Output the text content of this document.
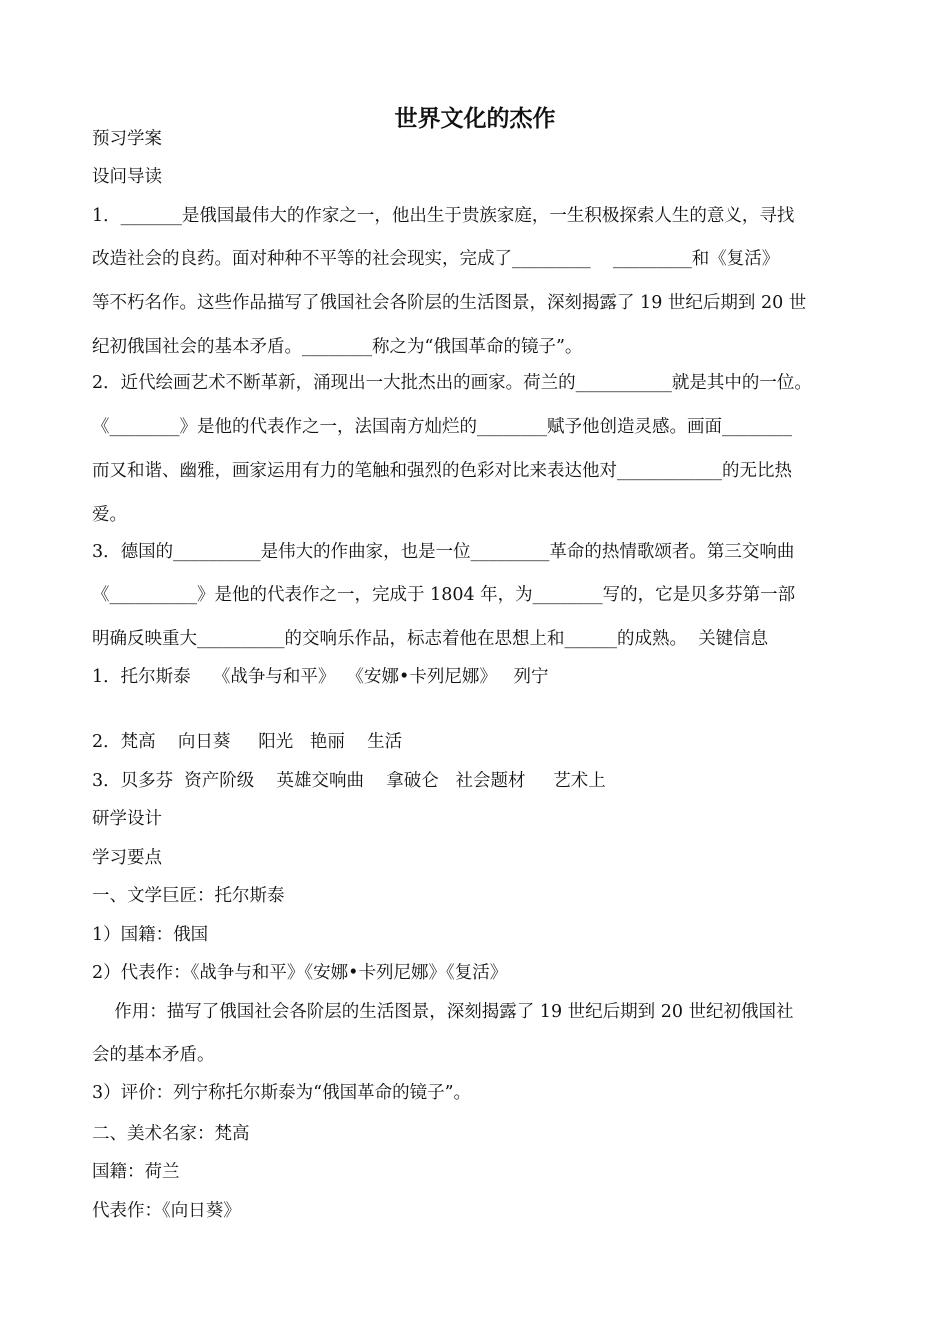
世界文化的杰作
预习学案
设问导读
1．_______是俄国最伟大的作家之一，他出生于贵族家庭，一生积极探索人生的意义，寻找
改造社会的良药。面对种种不平等的社会现实，完成了_________    _________和《复活》
等不朽名作。这些作品描写了俄国社会各阶层的生活图景，深刻揭露了 19 世纪后期到 20 世
纪初俄国社会的基本矛盾。________称之为“俄国革命的镜子”。
2．近代绘画艺术不断革新，涌现出一大批杰出的画家。荷兰的___________就是其中的一位。
《________》是他的代表作之一，法国南方灿烂的________赋予他创造灵感。画面________
而又和谐、幽雅，画家运用有力的笔触和强烈的色彩对比来表达他对____________的无比热
爱。
3．德国的__________是伟大的作曲家，也是一位_________革命的热情歌颂者。第三交响曲
《__________》是他的代表作之一，完成于 1804 年，为________写的，它是贝多芬第一部
明确反映重大__________的交响乐作品，标志着他在思想上和______的成熟。  关键信息
1．托尔斯泰    《战争与和平》  《安娜•卡列尼娜》   列宁
2．梵高    向日葵     阳光   艳丽    生活
3．贝多芬  资产阶级    英雄交响曲    拿破仑   社会题材     艺术上
研学设计
学习要点
一、文学巨匠：托尔斯泰
1）国籍：俄国
2）代表作：《战争与和平》《安娜•卡列尼娜》《复活》
作用：描写了俄国社会各阶层的生活图景，深刻揭露了 19 世纪后期到 20 世纪初俄国社
会的基本矛盾。
3）评价：列宁称托尔斯泰为“俄国革命的镜子”。
二、美术名家：梵高
国籍：荷兰
代表作：《向日葵》
